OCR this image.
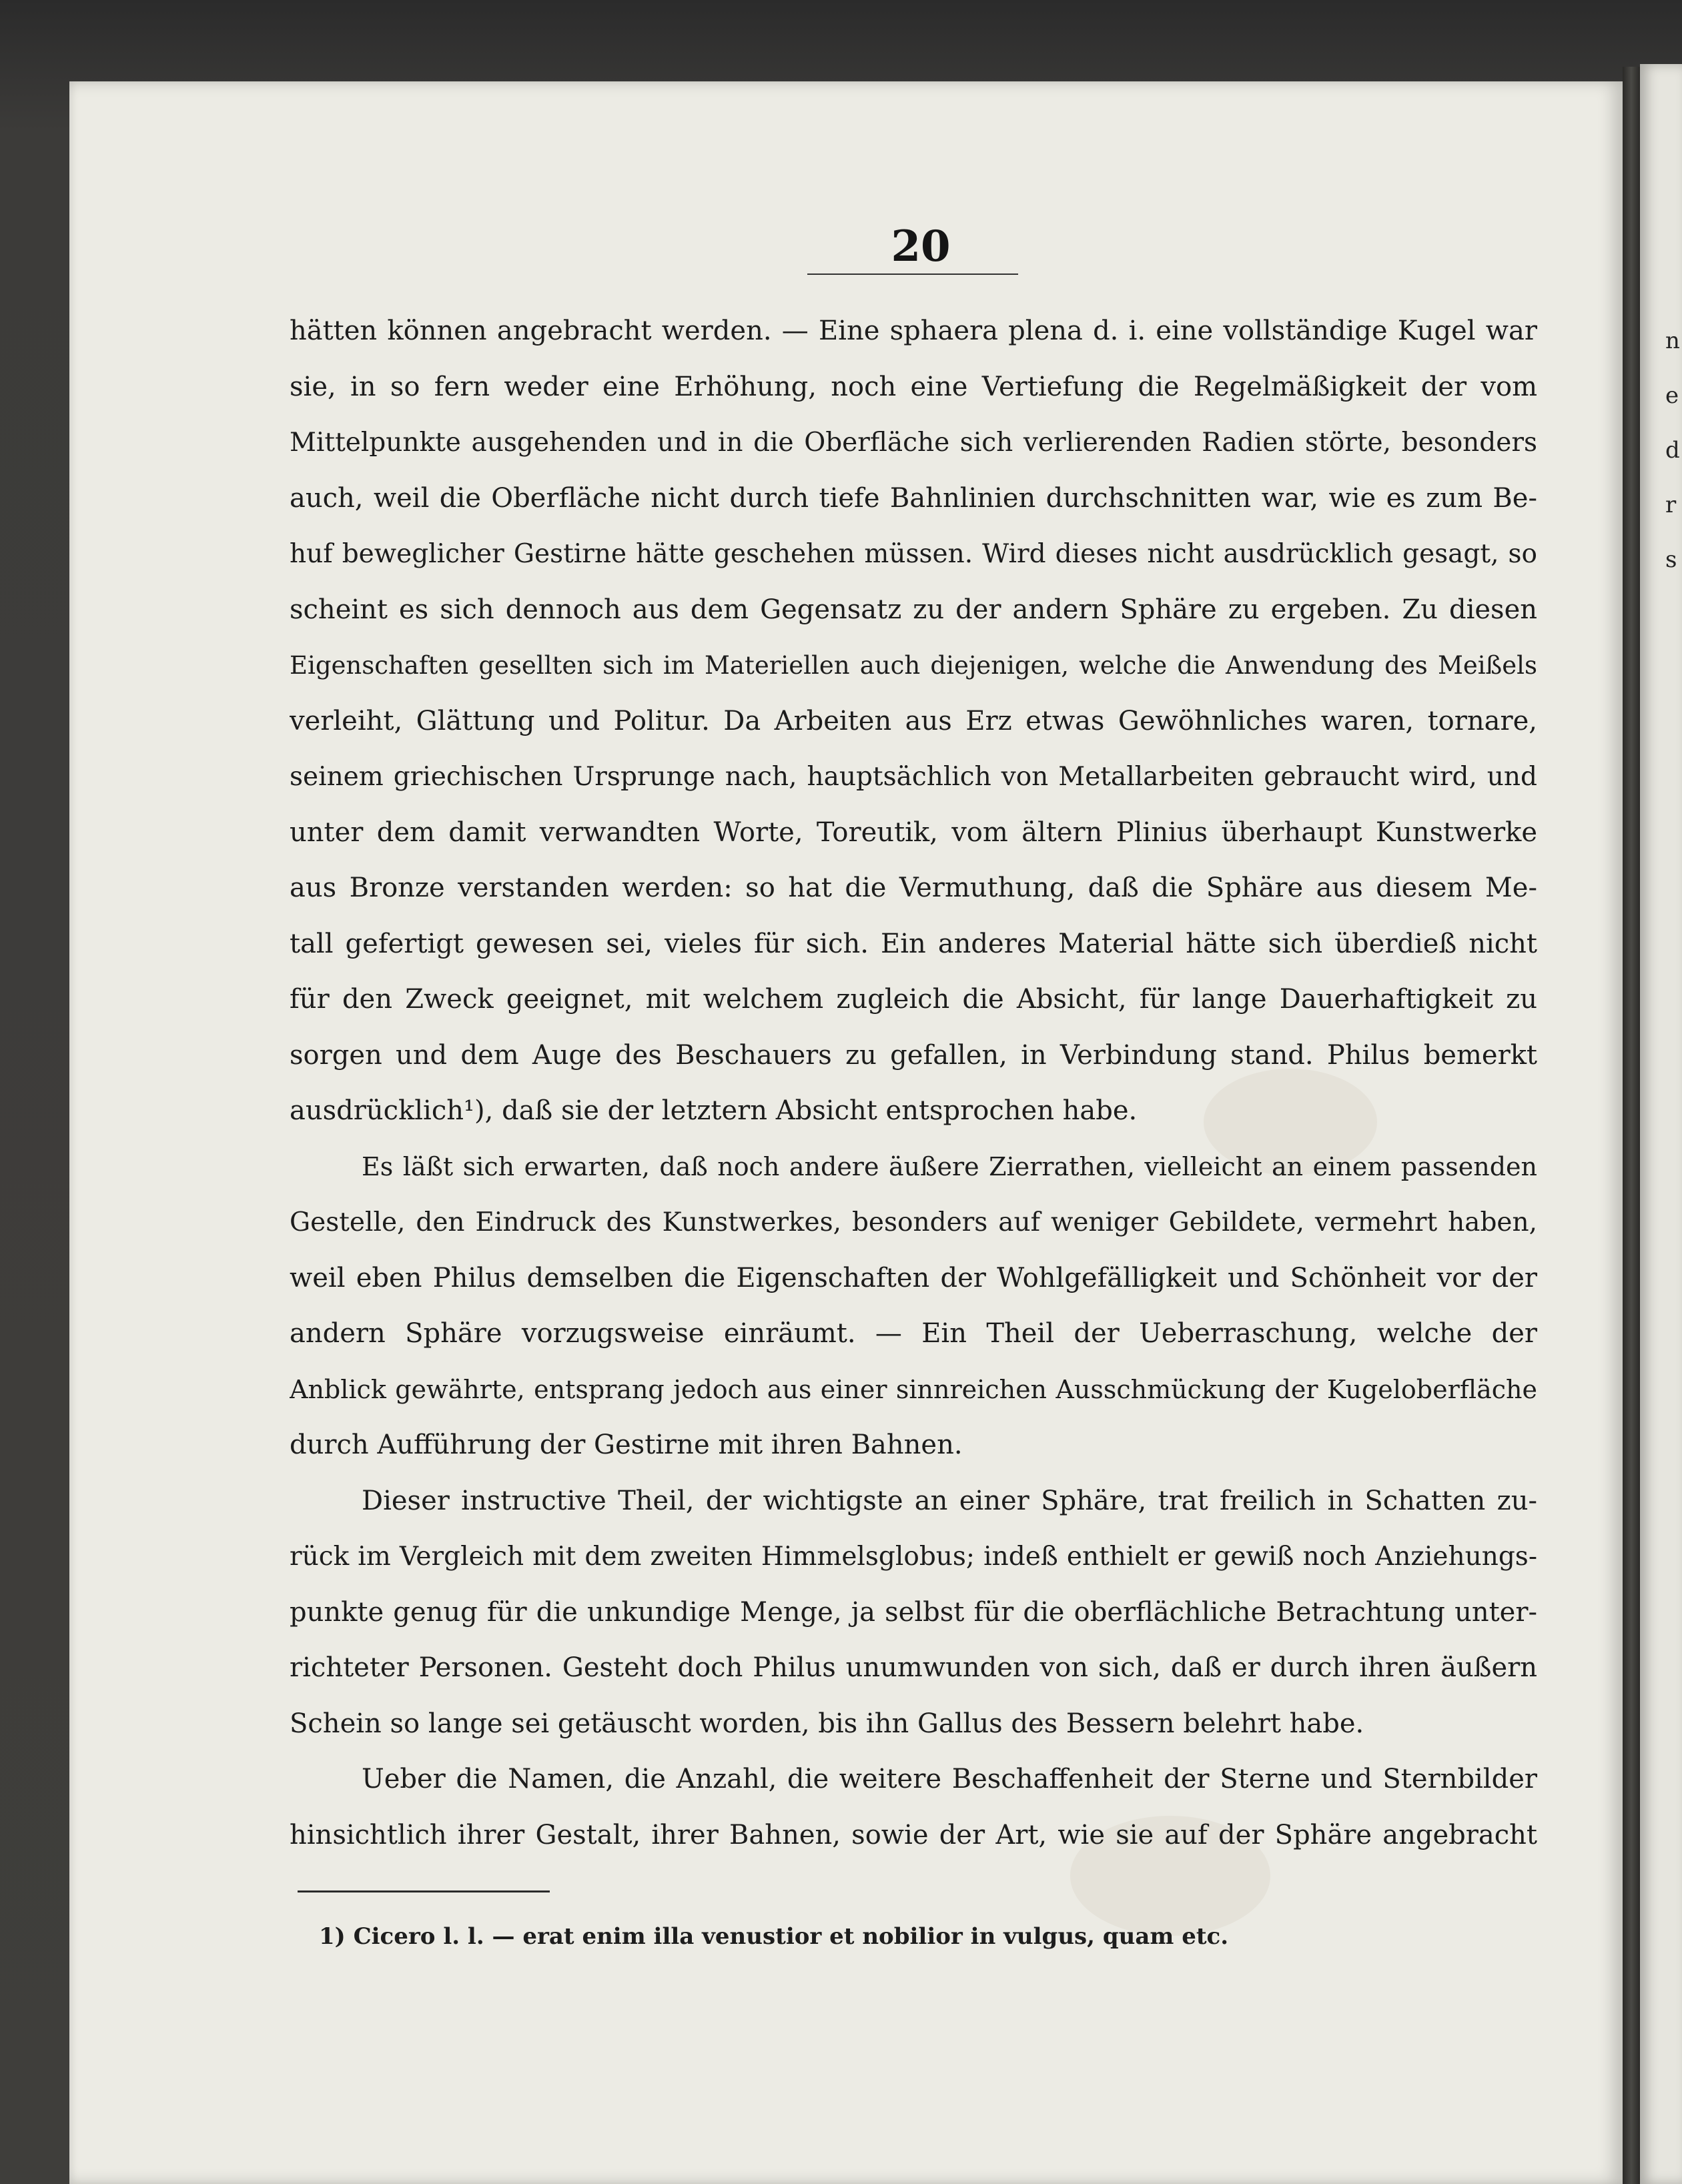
n
e
d
r
s
20
hätten können angebracht werden. — Eine sphaera plena d. i. eine vollständige Kugel war
sie, in so fern weder eine Erhöhung, noch eine Vertiefung die Regelmäßigkeit der vom
Mittelpunkte ausgehenden und in die Oberfläche sich verlierenden Radien störte, besonders
auch, weil die Oberfläche nicht durch tiefe Bahnlinien durchschnitten war, wie es zum Be-
huf beweglicher Gestirne hätte geschehen müssen. Wird dieses nicht ausdrücklich gesagt, so
scheint es sich dennoch aus dem Gegensatz zu der andern Sphäre zu ergeben. Zu diesen
Eigenschaften gesellten sich im Materiellen auch diejenigen, welche die Anwendung des Meißels
verleiht, Glättung und Politur. Da Arbeiten aus Erz etwas Gewöhnliches waren, tornare,
seinem griechischen Ursprunge nach, hauptsächlich von Metallarbeiten gebraucht wird, und
unter dem damit verwandten Worte, Toreutik, vom ältern Plinius überhaupt Kunstwerke
aus Bronze verstanden werden: so hat die Vermuthung, daß die Sphäre aus diesem Me-
tall gefertigt gewesen sei, vieles für sich. Ein anderes Material hätte sich überdieß nicht
für den Zweck geeignet, mit welchem zugleich die Absicht, für lange Dauerhaftigkeit zu
sorgen und dem Auge des Beschauers zu gefallen, in Verbindung stand. Philus bemerkt
ausdrücklich¹), daß sie der letztern Absicht entsprochen habe.
Es läßt sich erwarten, daß noch andere äußere Zierrathen, vielleicht an einem passenden
Gestelle, den Eindruck des Kunstwerkes, besonders auf weniger Gebildete, vermehrt haben,
weil eben Philus demselben die Eigenschaften der Wohlgefälligkeit und Schönheit vor der
andern Sphäre vorzugsweise einräumt. — Ein Theil der Ueberraschung, welche der
Anblick gewährte, entsprang jedoch aus einer sinnreichen Ausschmückung der Kugeloberfläche
durch Aufführung der Gestirne mit ihren Bahnen.
Dieser instructive Theil, der wichtigste an einer Sphäre, trat freilich in Schatten zu-
rück im Vergleich mit dem zweiten Himmelsglobus; indeß enthielt er gewiß noch Anziehungs-
punkte genug für die unkundige Menge, ja selbst für die oberflächliche Betrachtung unter-
richteter Personen. Gesteht doch Philus unumwunden von sich, daß er durch ihren äußern
Schein so lange sei getäuscht worden, bis ihn Gallus des Bessern belehrt habe.
Ueber die Namen, die Anzahl, die weitere Beschaffenheit der Sterne und Sternbilder
hinsichtlich ihrer Gestalt, ihrer Bahnen, sowie der Art, wie sie auf der Sphäre angebracht
1) Cicero l. l. — erat enim illa venustior et nobilior in vulgus, quam etc.
